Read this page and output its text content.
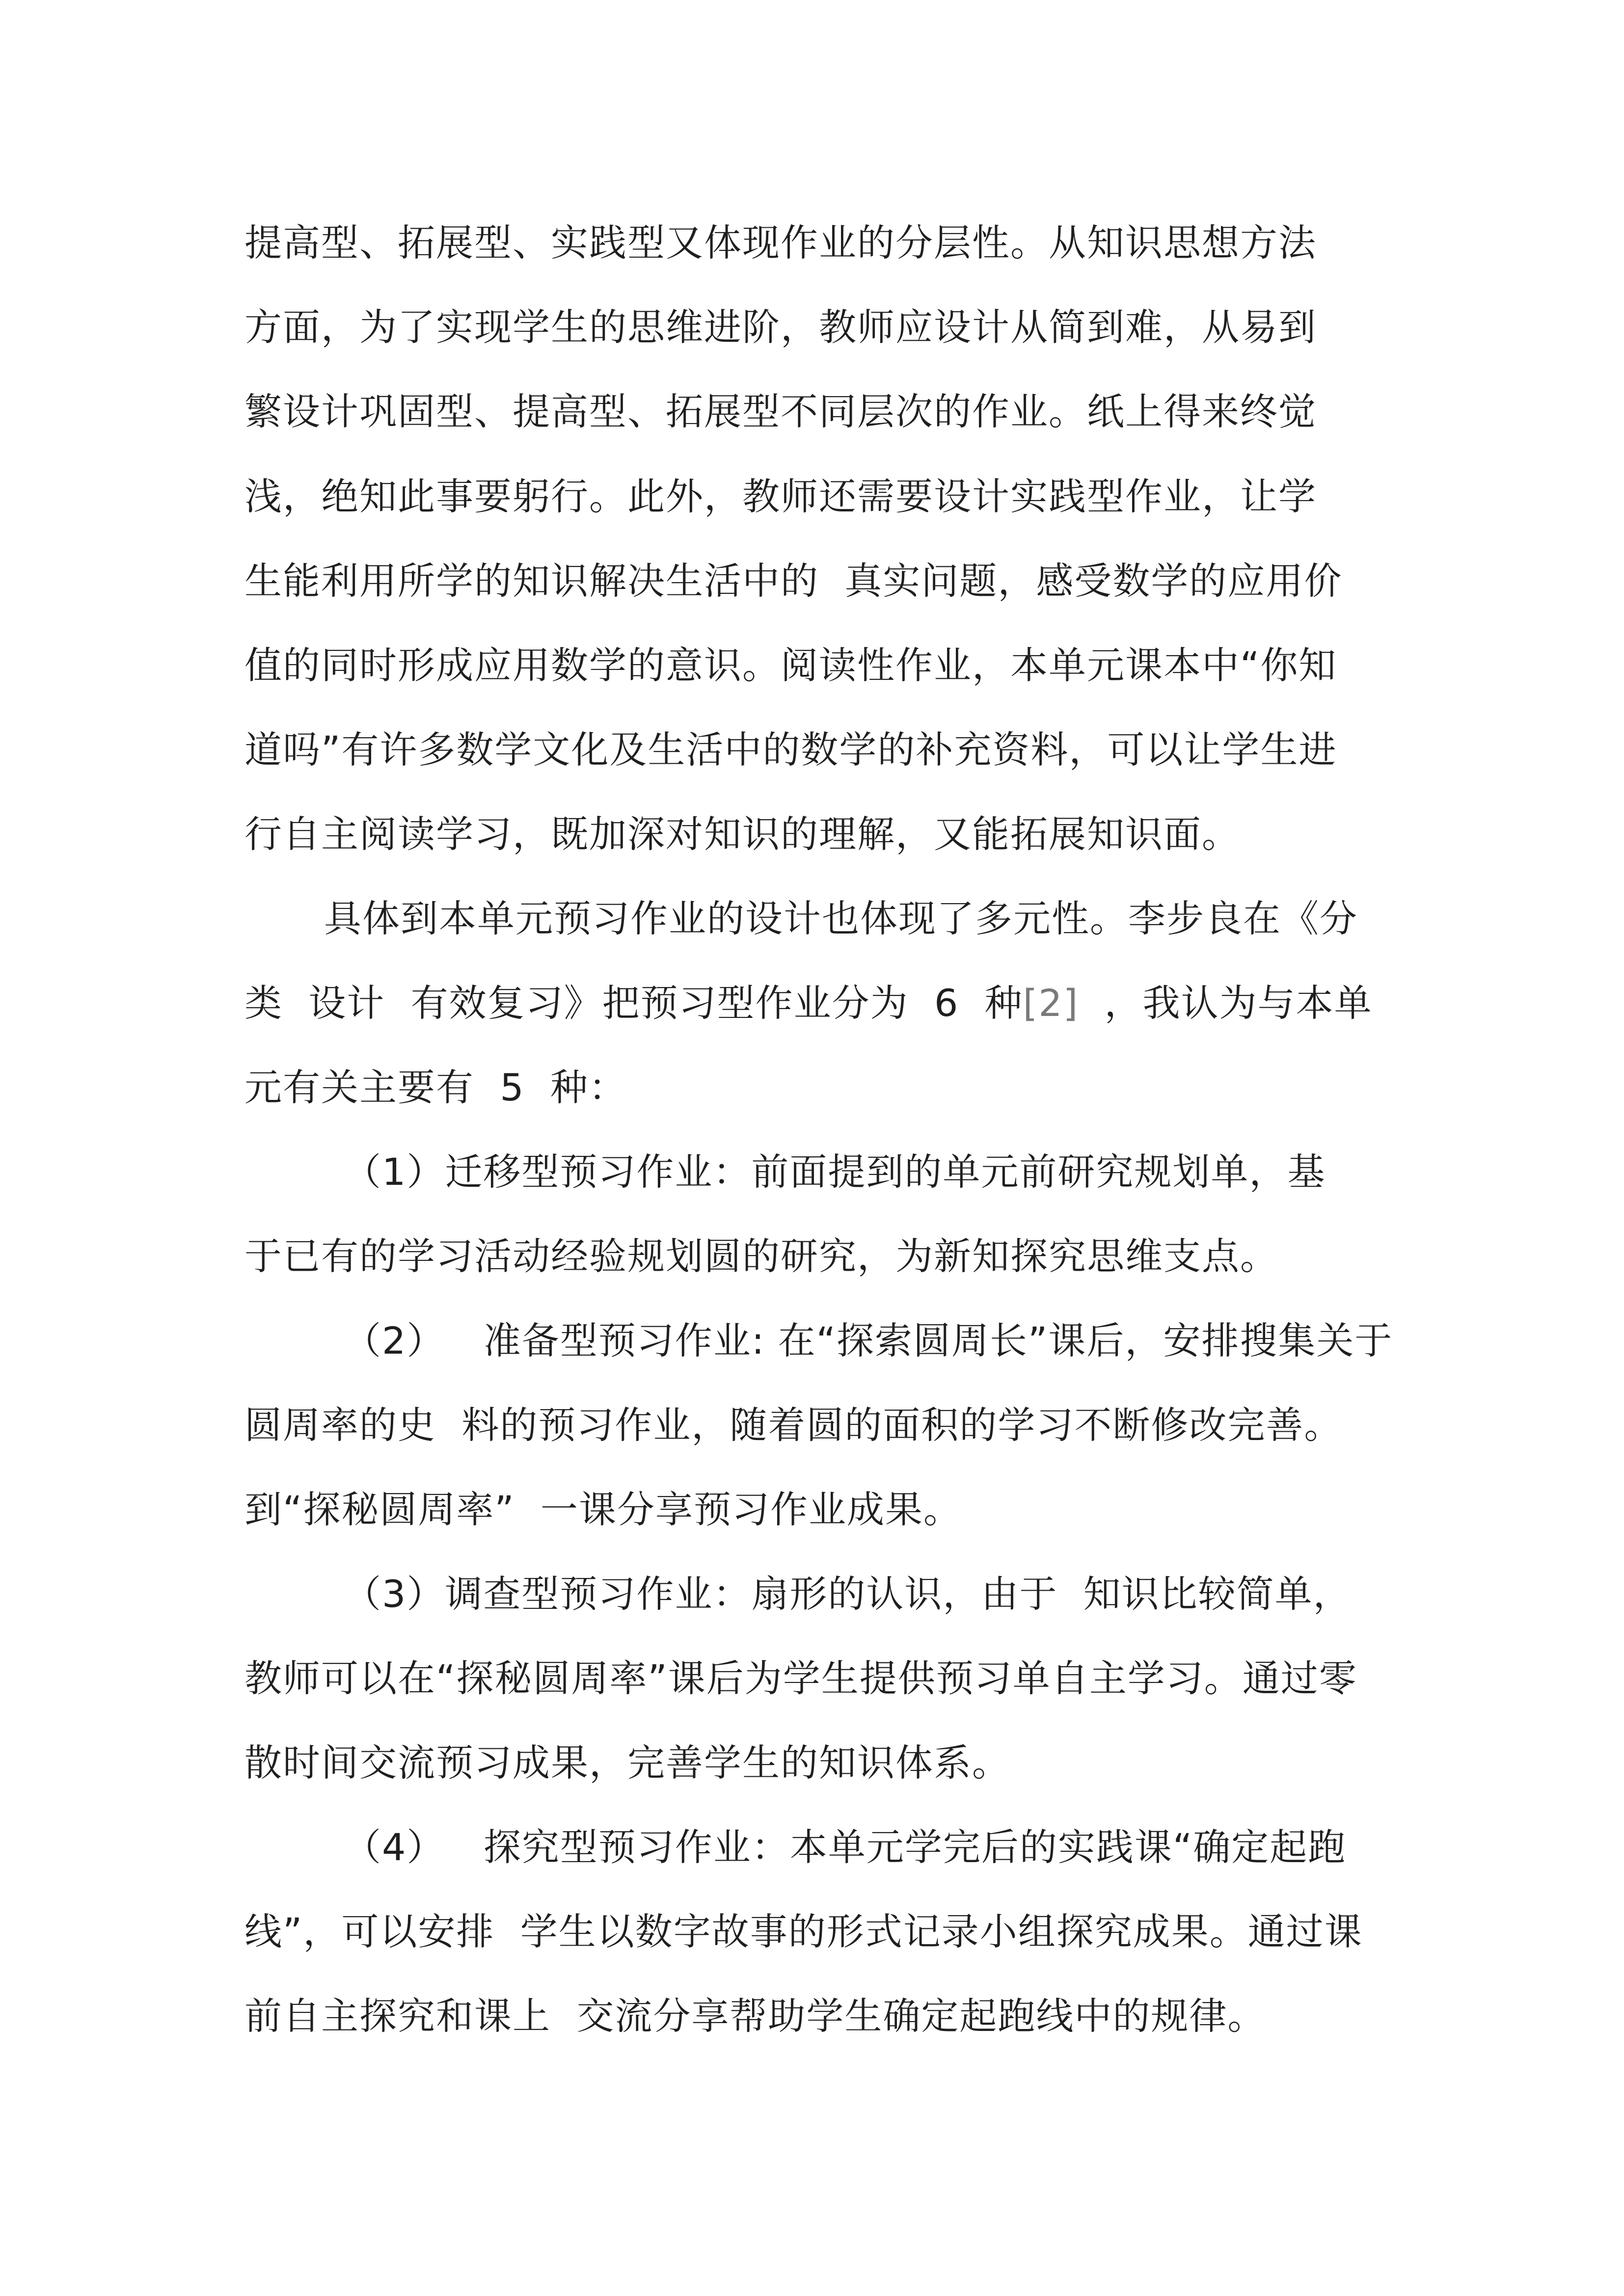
提高型、拓展型、实践型又体现作业的分层性。从知识思想方法
方面，为了实现学生的思维进阶，教师应设计从简到难，从易到
繁设计巩固型、提高型、拓展型不同层次的作业。纸上得来终觉
浅，绝知此事要躬行。此外，教师还需要设计实践型作业，让学
生能利用所学的知识解决生活中的  真实问题，感受数学的应用价
值的同时形成应用数学的意识。阅读性作业，本单元课本中“你知
道吗”有许多数学文化及生活中的数学的补充资料，可以让学生进
行自主阅读学习，既加深对知识的理解，又能拓展知识面。
具体到本单元预习作业的设计也体现了多元性。李步良在《分
类  设计  有效复习》把预习型作业分为  6  种[2]  ，我认为与本单
元有关主要有  5  种：
（1）迁移型预习作业：前面提到的单元前研究规划单，基
于已有的学习活动经验规划圆的研究，为新知探究思维支点。
（2）   准备型预习作业: 在“探索圆周长”课后，安排搜集关于
圆周率的史  料的预习作业，随着圆的面积的学习不断修改完善。
到“探秘圆周率”  一课分享预习作业成果。
（3）调查型预习作业：扇形的认识，由于  知识比较简单，
教师可以在“探秘圆周率”课后为学生提供预习单自主学习。通过零
散时间交流预习成果，完善学生的知识体系。
（4）   探究型预习作业：本单元学完后的实践课“确定起跑
线”，可以安排  学生以数字故事的形式记录小组探究成果。通过课
前自主探究和课上  交流分享帮助学生确定起跑线中的规律。
